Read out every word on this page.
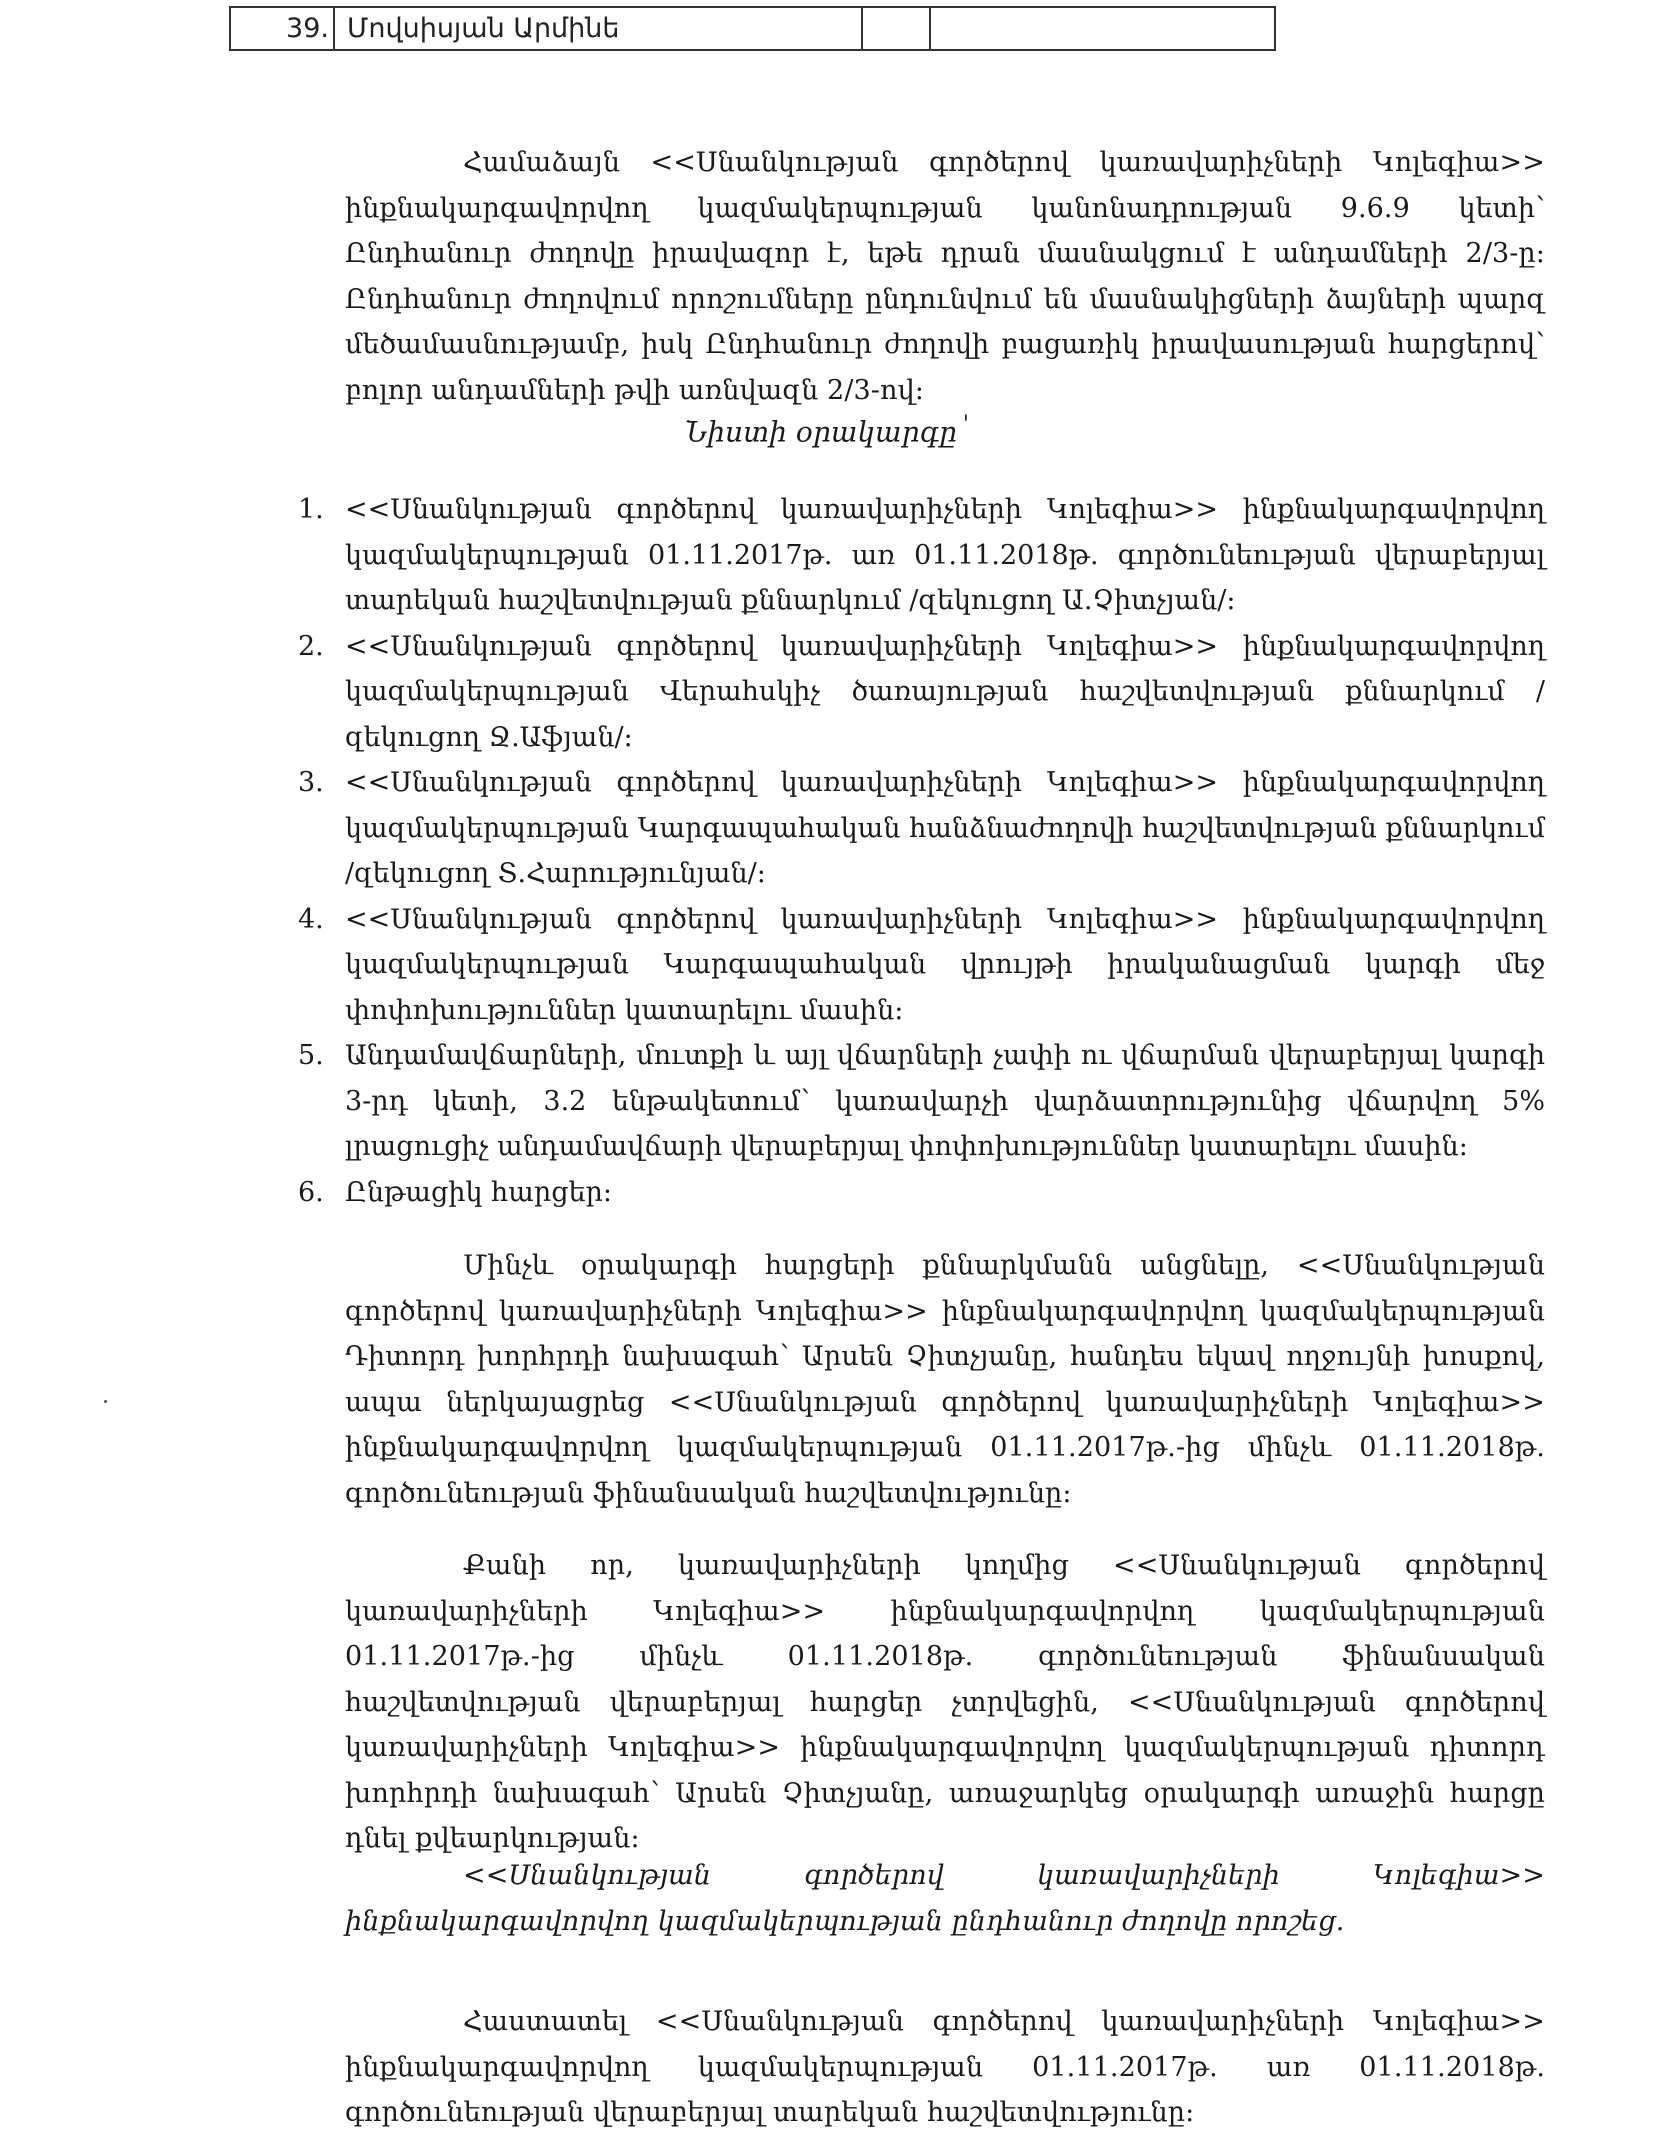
39.	Մովսիսյան Արմինե		

Համաձայն <<Սնանկության գործերով կառավարիչների Կոլեգիա>> ինքնակարգավորվող կազմակերպության կանոնադրության 9.6.9 կետի՝ Ընդհանուր ժողովը իրավազոր է, եթե դրան մասնակցում է անդամների 2/3-ը: Ընդհանուր ժողովում որոշումները ընդունվում են մասնակիցների ձայների պարզ մեծամասնությամբ, իսկ Ընդհանուր ժողովի բացառիկ իրավասության հարցերով՝ բոլոր անդամների թվի առնվազն 2/3-ով:

Նիստի օրակարգը '
1. <<Սնանկության գործերով կառավարիչների Կոլեգիա>> ինքնակարգավորվող կազմակերպության 01.11.2017թ. առ 01.11.2018թ. գործունեության վերաբերյալ տարեկան հաշվետվության քննարկում /զեկուցող Ա.Չիտչյան/:
2. <<Սնանկության գործերով կառավարիչների Կոլեգիա>> ինքնակարգավորվող կազմակերպության Վերահսկիչ ծառայության հաշվետվության քննարկում /զեկուցող Ջ.Աֆյան/:
3. <<Սնանկության գործերով կառավարիչների Կոլեգիա>> ինքնակարգավորվող կազմակերպության Կարգապահական հանձնաժողովի հաշվետվության քննարկում /զեկուցող Տ.Հարությունյան/:
4. <<Սնանկության գործերով կառավարիչների Կոլեգիա>> ինքնակարգավորվող կազմակերպության Կարգապահական վրույթի իրականացման կարգի մեջ փոփոխություններ կատարելու մասին:
5. Անդամավճարների, մուտքի և այլ վճարների չափի ու վճարման վերաբերյալ կարգի 3-րդ կետի, 3.2 ենթակետում՝ կառավարչի վարձատրությունից վճարվող 5% լրացուցիչ անդամավճարի վերաբերյալ փոփոխություններ կատարելու մասին:
6. Ընթացիկ հարցեր:

Մինչև օրակարգի հարցերի քննարկմանն անցնելը, <<Սնանկության գործերով կառավարիչների Կոլեգիա>> ինքնակարգավորվող կազմակերպության Դիտորդ խորհրդի նախագահ՝ Արսեն Չիտչյանը, հանդես եկավ ողջույնի խոսքով, ապա ներկայացրեց <<Սնանկության գործերով կառավարիչների Կոլեգիա>> ինքնակարգավորվող կազմակերպության 01.11.2017թ.-ից մինչև 01.11.2018թ. գործունեության ֆինանսական հաշվետվությունը:

Քանի որ, կառավարիչների կողմից <<Սնանկության գործերով կառավարիչների Կոլեգիա>> ինքնակարգավորվող կազմակերպության 01.11.2017թ.-ից մինչև 01.11.2018թ. գործունեության ֆինանսական հաշվետվության վերաբերյալ հարցեր չտրվեցին, <<Սնանկության գործերով կառավարիչների Կոլեգիա>> ինքնակարգավորվող կազմակերպության դիտորդ խորհրդի նախագահ՝ Արսեն Չիտչյանը, առաջարկեց օրակարգի առաջին հարցը դնել քվեարկության:

<<Սնանկության գործերով կառավարիչների Կոլեգիա>> ինքնակարգավորվող կազմակերպության ընդհանուր ժողովը որոշեց.

Հաստատել <<Սնանկության գործերով կառավարիչների Կոլեգիա>> ինքնակարգավորվող կազմակերպության 01.11.2017թ. առ 01.11.2018թ. գործունեության վերաբերյալ տարեկան հաշվետվությունը:
